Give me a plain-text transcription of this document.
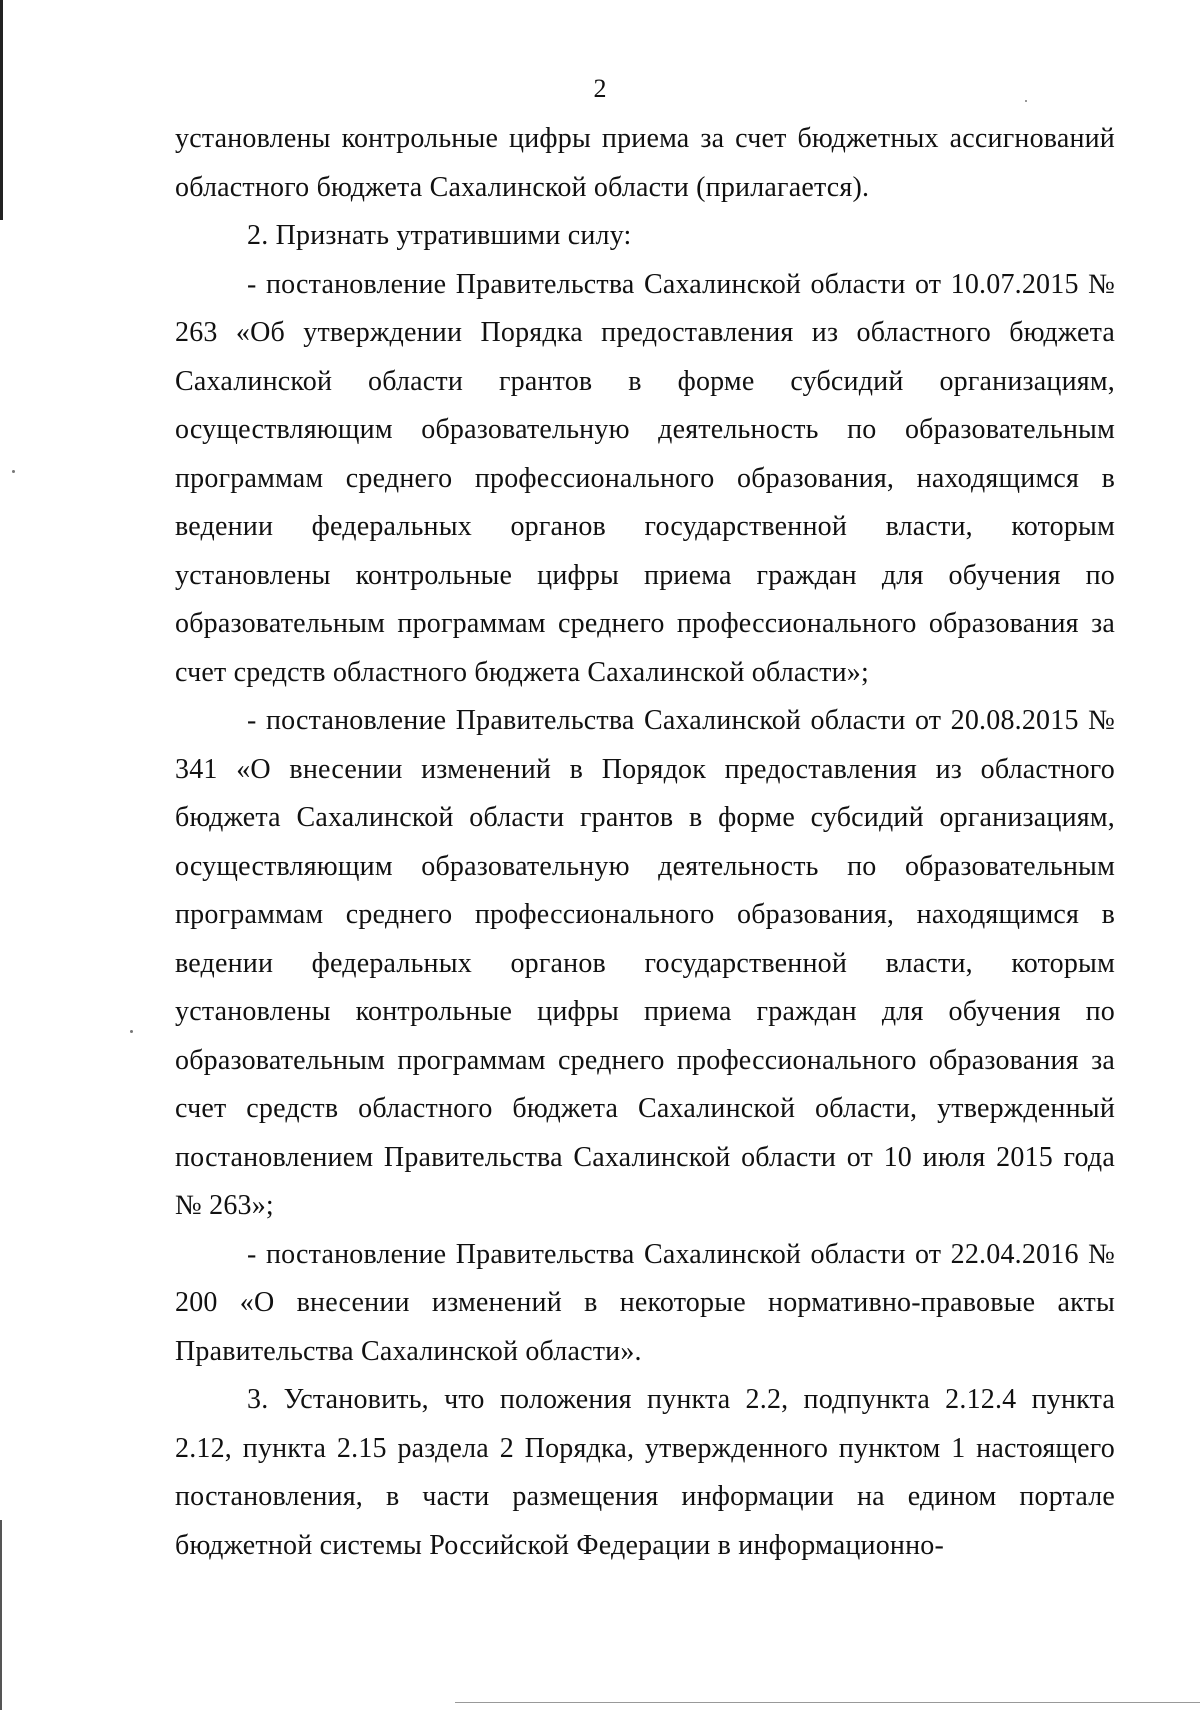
2

установлены контрольные цифры приема за счет бюджетных ассигнований областного бюджета Сахалинской области (прилагается).

2. Признать утратившими силу:

- постановление Правительства Сахалинской области от 10.07.2015 № 263 «Об утверждении Порядка предоставления из областного бюджета Сахалинской области грантов в форме субсидий организациям, осуществляющим образовательную деятельность по образовательным программам среднего профессионального образования, находящимся в ведении федеральных органов государственной власти, которым установлены контрольные цифры приема граждан для обучения по образовательным программам среднего профессионального образования за счет средств областного бюджета Сахалинской области»;

- постановление Правительства Сахалинской области от 20.08.2015 № 341 «О внесении изменений в Порядок предоставления из областного бюджета Сахалинской области грантов в форме субсидий организациям, осуществляющим образовательную деятельность по образовательным программам среднего профессионального образования, находящимся в ведении федеральных органов государственной власти, которым установлены контрольные цифры приема граждан для обучения по образовательным программам среднего профессионального образования за счет средств областного бюджета Сахалинской области, утвержденный постановлением Правительства Сахалинской области от 10 июля 2015 года № 263»;

- постановление Правительства Сахалинской области от 22.04.2016 № 200 «О внесении изменений в некоторые нормативно-правовые акты Правительства Сахалинской области».

3. Установить, что положения пункта 2.2, подпункта 2.12.4 пункта 2.12, пункта 2.15 раздела 2 Порядка, утвержденного пунктом 1 настоящего постановления, в части размещения информации на едином портале бюджетной системы Российской Федерации в информационно-
